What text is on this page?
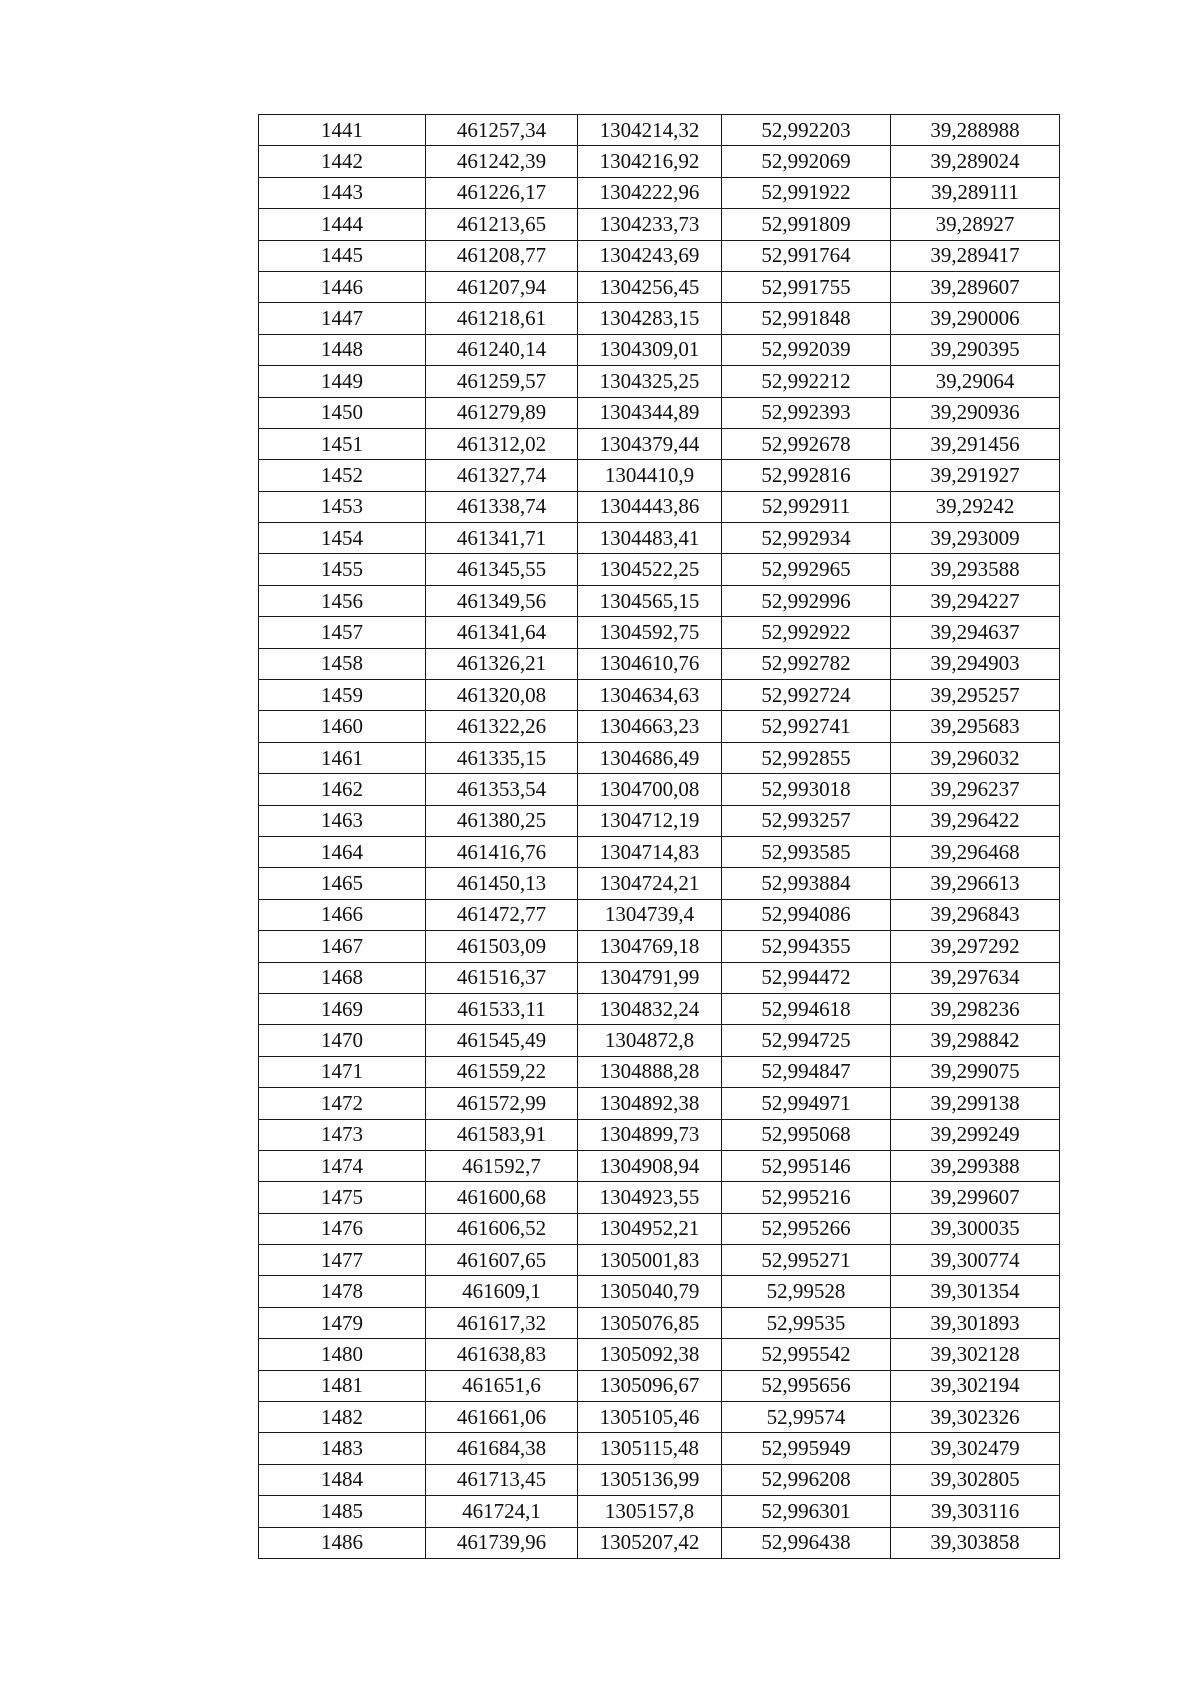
1441	461257,34	1304214,32	52,992203	39,288988
1442	461242,39	1304216,92	52,992069	39,289024
1443	461226,17	1304222,96	52,991922	39,289111
1444	461213,65	1304233,73	52,991809	39,28927
1445	461208,77	1304243,69	52,991764	39,289417
1446	461207,94	1304256,45	52,991755	39,289607
1447	461218,61	1304283,15	52,991848	39,290006
1448	461240,14	1304309,01	52,992039	39,290395
1449	461259,57	1304325,25	52,992212	39,29064
1450	461279,89	1304344,89	52,992393	39,290936
1451	461312,02	1304379,44	52,992678	39,291456
1452	461327,74	1304410,9	52,992816	39,291927
1453	461338,74	1304443,86	52,992911	39,29242
1454	461341,71	1304483,41	52,992934	39,293009
1455	461345,55	1304522,25	52,992965	39,293588
1456	461349,56	1304565,15	52,992996	39,294227
1457	461341,64	1304592,75	52,992922	39,294637
1458	461326,21	1304610,76	52,992782	39,294903
1459	461320,08	1304634,63	52,992724	39,295257
1460	461322,26	1304663,23	52,992741	39,295683
1461	461335,15	1304686,49	52,992855	39,296032
1462	461353,54	1304700,08	52,993018	39,296237
1463	461380,25	1304712,19	52,993257	39,296422
1464	461416,76	1304714,83	52,993585	39,296468
1465	461450,13	1304724,21	52,993884	39,296613
1466	461472,77	1304739,4	52,994086	39,296843
1467	461503,09	1304769,18	52,994355	39,297292
1468	461516,37	1304791,99	52,994472	39,297634
1469	461533,11	1304832,24	52,994618	39,298236
1470	461545,49	1304872,8	52,994725	39,298842
1471	461559,22	1304888,28	52,994847	39,299075
1472	461572,99	1304892,38	52,994971	39,299138
1473	461583,91	1304899,73	52,995068	39,299249
1474	461592,7	1304908,94	52,995146	39,299388
1475	461600,68	1304923,55	52,995216	39,299607
1476	461606,52	1304952,21	52,995266	39,300035
1477	461607,65	1305001,83	52,995271	39,300774
1478	461609,1	1305040,79	52,99528	39,301354
1479	461617,32	1305076,85	52,99535	39,301893
1480	461638,83	1305092,38	52,995542	39,302128
1481	461651,6	1305096,67	52,995656	39,302194
1482	461661,06	1305105,46	52,99574	39,302326
1483	461684,38	1305115,48	52,995949	39,302479
1484	461713,45	1305136,99	52,996208	39,302805
1485	461724,1	1305157,8	52,996301	39,303116
1486	461739,96	1305207,42	52,996438	39,303858
